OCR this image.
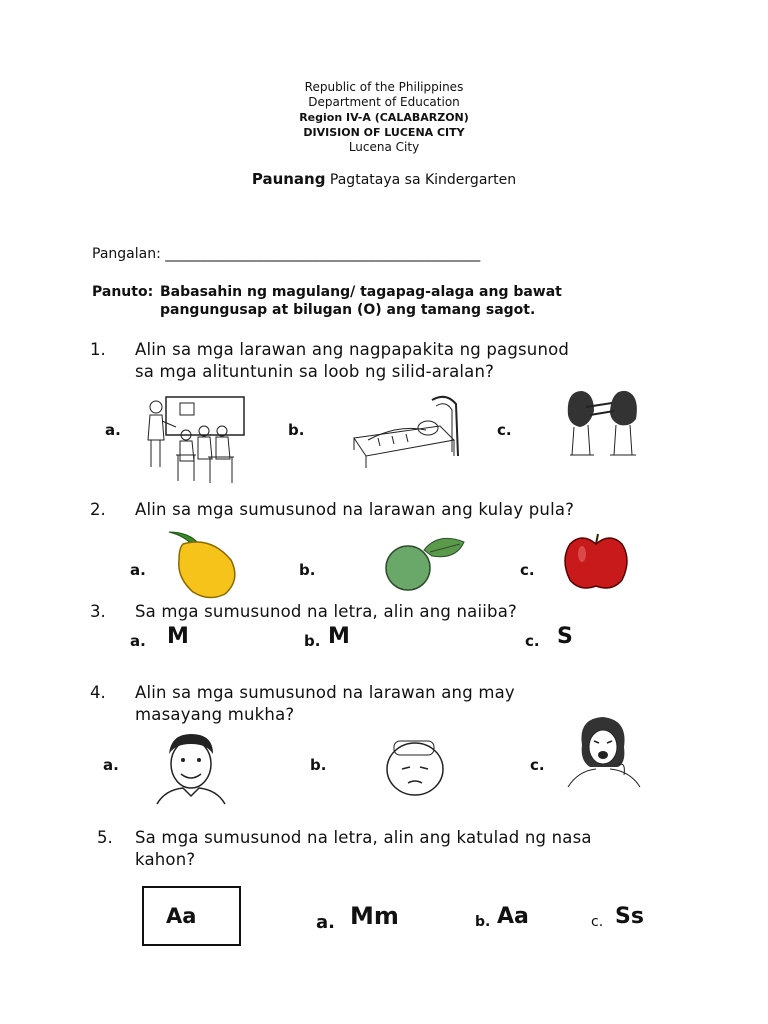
Republic of the Philippines
Department of Education
Region IV-A (CALABARZON)
DIVISION OF LUCENA CITY
Lucena City
Paunang Pagtataya sa Kindergarten
Pangalan: _____________________________________________
Panuto: Babasahin ng magulang/ tagapag-alaga ang bawat
pangungusap at bilugan (O) ang tamang sagot.
1. Alin sa mga larawan ang nagpapakita ng pagsunod
sa mga alituntunin sa loob ng silid-aralan?
a.	b.	c.
2. Alin sa mga sumusunod na larawan ang kulay pula?
a.	b.	c.
3. Sa mga sumusunod na letra, alin ang naiiba?
a. M	b. M	c. S
4. Alin sa mga sumusunod na larawan ang may
masayang mukha?
a.	b.	c.
5. Sa mga sumusunod na letra, alin ang katulad ng nasa
kahon?
Aa	a. Mm	b. Aa	c. Ss
